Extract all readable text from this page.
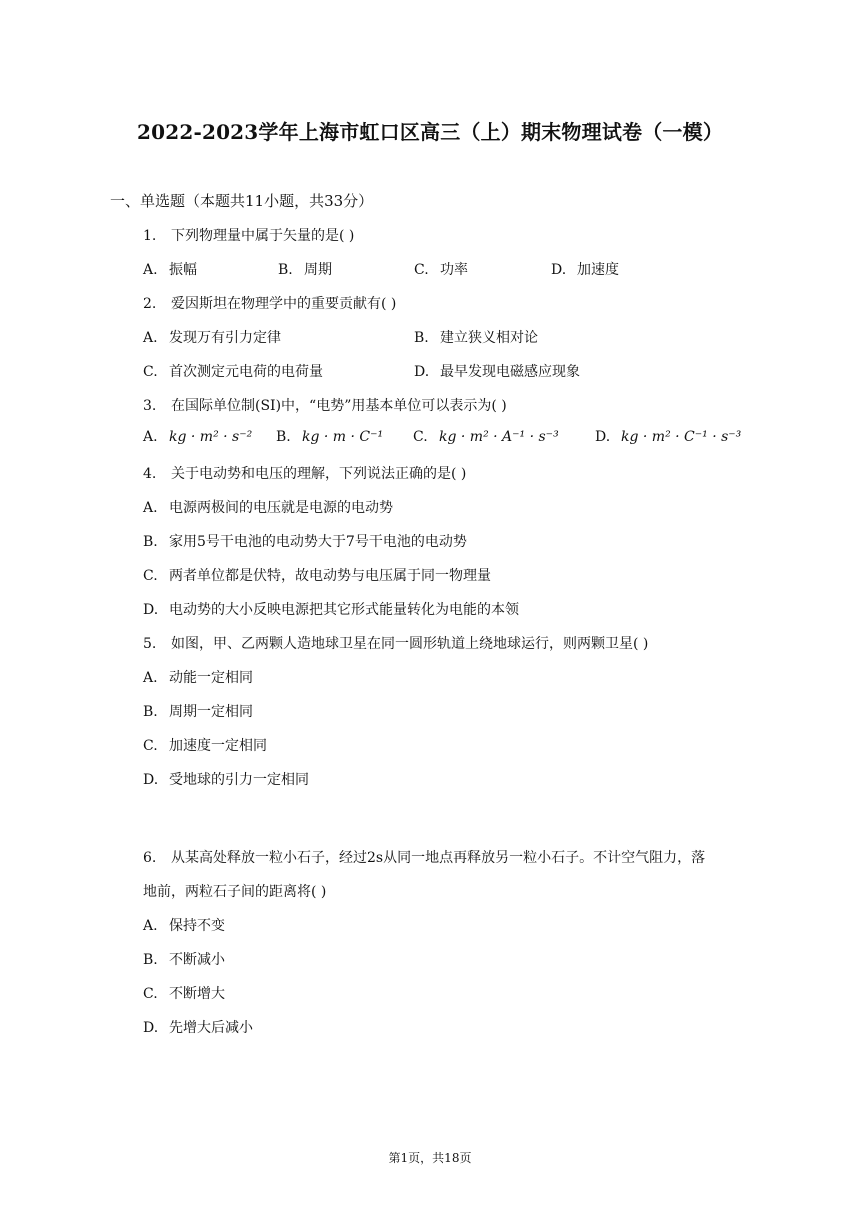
2022-2023学年上海市虹口区高三（上）期末物理试卷（一模）
一、单选题（本题共11小题，共33分）
1. 下列物理量中属于矢量的是( )
A. 振幅	B. 周期	C. 功率	D. 加速度
2. 爱因斯坦在物理学中的重要贡献有( )
A. 发现万有引力定律	B. 建立狭义相对论
C. 首次测定元电荷的电荷量	D. 最早发现电磁感应现象
3. 在国际单位制(SI)中，“电势”用基本单位可以表示为( )
A. kg · m² · s⁻² B. kg · m · C⁻¹ C. kg · m² · A⁻¹ · s⁻³	D. kg · m² · C⁻¹ · s⁻³
4. 关于电动势和电压的理解，下列说法正确的是( )
A. 电源两极间的电压就是电源的电动势
B. 家用5号干电池的电动势大于7号干电池的电动势
C. 两者单位都是伏特，故电动势与电压属于同一物理量
D. 电动势的大小反映电源把其它形式能量转化为电能的本领
5. 如图，甲、乙两颗人造地球卫星在同一圆形轨道上绕地球运行，则两颗卫星( )
A. 动能一定相同
B. 周期一定相同
C. 加速度一定相同
D. 受地球的引力一定相同
6. 从某高处释放一粒小石子，经过2s从同一地点再释放另一粒小石子。不计空气阻力，落
地前，两粒石子间的距离将( )
A. 保持不变
B. 不断减小
C. 不断增大
D. 先增大后减小
第1页，共18页
